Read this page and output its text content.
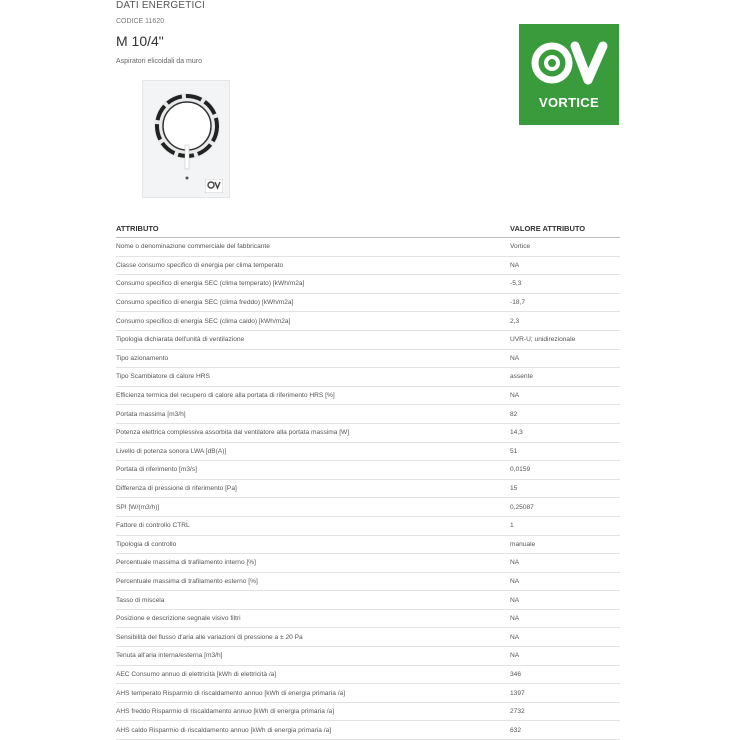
DATI ENERGETICI
CODICE 11620
M 10/4"
Aspiratori elicoidali da muro
VORTICE
ATTRIBUTO	VALORE ATTRIBUTO
Nome o denominazione commerciale del fabbricante	Vortice
Classe consumo specifico di energia per clima temperato	NA
Consumo specifico di energia SEC (clima temperato) [kWh/m2a]	-5,3
Consumo specifico di energia SEC (clima freddo) [kWh/m2a]	-18,7
Consumo specifico di energia SEC (clima caldo) [kWh/m2a]	2,3
Tipologia dichiarata dell'unità di ventilazione	UVR-U; unidirezionale
Tipo azionamento	NA
Tipo Scambiatore di calore HRS	assente
Efficienza termica del recupero di calore alla portata di riferimento HRS [%]	NA
Portata massima [m3/h]	82
Potenza elettrica complessiva assorbita dal ventilatore alla portata massima [W]	14,3
Livello di potenza sonora LWA [dB(A)]	51
Portata di riferimento [m3/s]	0,0159
Differenza di pressione di riferimento [Pa]	15
SPI [W/(m3/h)]	0,25087
Fattore di controllo CTRL	1
Tipologia di controllo	manuale
Percentuale massima di trafilamento interno [%]	NA
Percentuale massima di trafilamento esterno [%]	NA
Tasso di miscela	NA
Posizione e descrizione segnale visivo filtri	NA
Sensibilità del flusso d'aria alle variazioni di pressione a ± 20 Pa	NA
Tenuta all'aria interna/esterna [m3/h]	NA
AEC Consumo annuo di elettricità [kWh di elettricità /a]	346
AHS temperato Risparmio di riscaldamento annuo [kWh di energia primaria /a]	1397
AHS freddo Risparmio di riscaldamento annuo [kWh di energia primaria /a]	2732
AHS caldo Risparmio di riscaldamento annuo [kWh di energia primaria /a]	632
